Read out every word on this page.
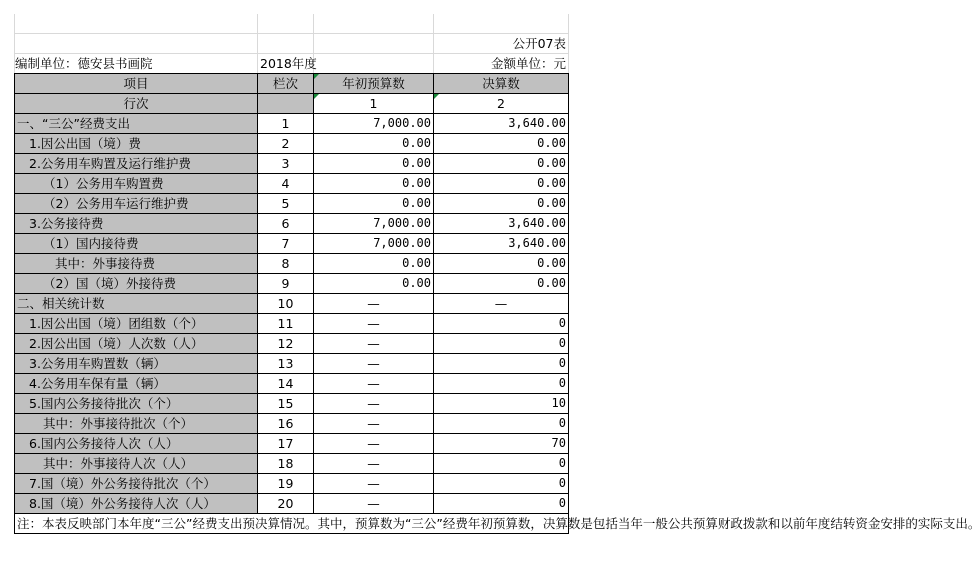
			公开07表
编制单位：德安县书画院	2018年度		金额单位：元
项目	栏次	年初预算数	决算数
行次		1	2
一、“三公”经费支出	1	7,000.00	3,640.00
1.因公出国（境）费	2	0.00	0.00
2.公务用车购置及运行维护费	3	0.00	0.00
（1）公务用车购置费	4	0.00	0.00
（2）公务用车运行维护费	5	0.00	0.00
3.公务接待费	6	7,000.00	3,640.00
（1）国内接待费	7	7,000.00	3,640.00
其中：外事接待费	8	0.00	0.00
（2）国（境）外接待费	9	0.00	0.00
二、相关统计数	10	—	—
1.因公出国（境）团组数（个）	11	—	0
2.因公出国（境）人次数（人）	12	—	0
3.公务用车购置数（辆）	13	—	0
4.公务用车保有量（辆）	14	—	0
5.国内公务接待批次（个）	15	—	10
其中：外事接待批次（个）	16	—	0
6.国内公务接待人次（人）	17	—	70
其中：外事接待人次（人）	18	—	0
7.国（境）外公务接待批次（个）	19	—	0
8.国（境）外公务接待人次（人）	20	—	0
注：本表反映部门本年度“三公”经费支出预决算情况。其中，预算数为“三公”经费年初预算数，决算数是包括当年一般公共预算财政拨款和以前年度结转资金安排的实际支出。			
